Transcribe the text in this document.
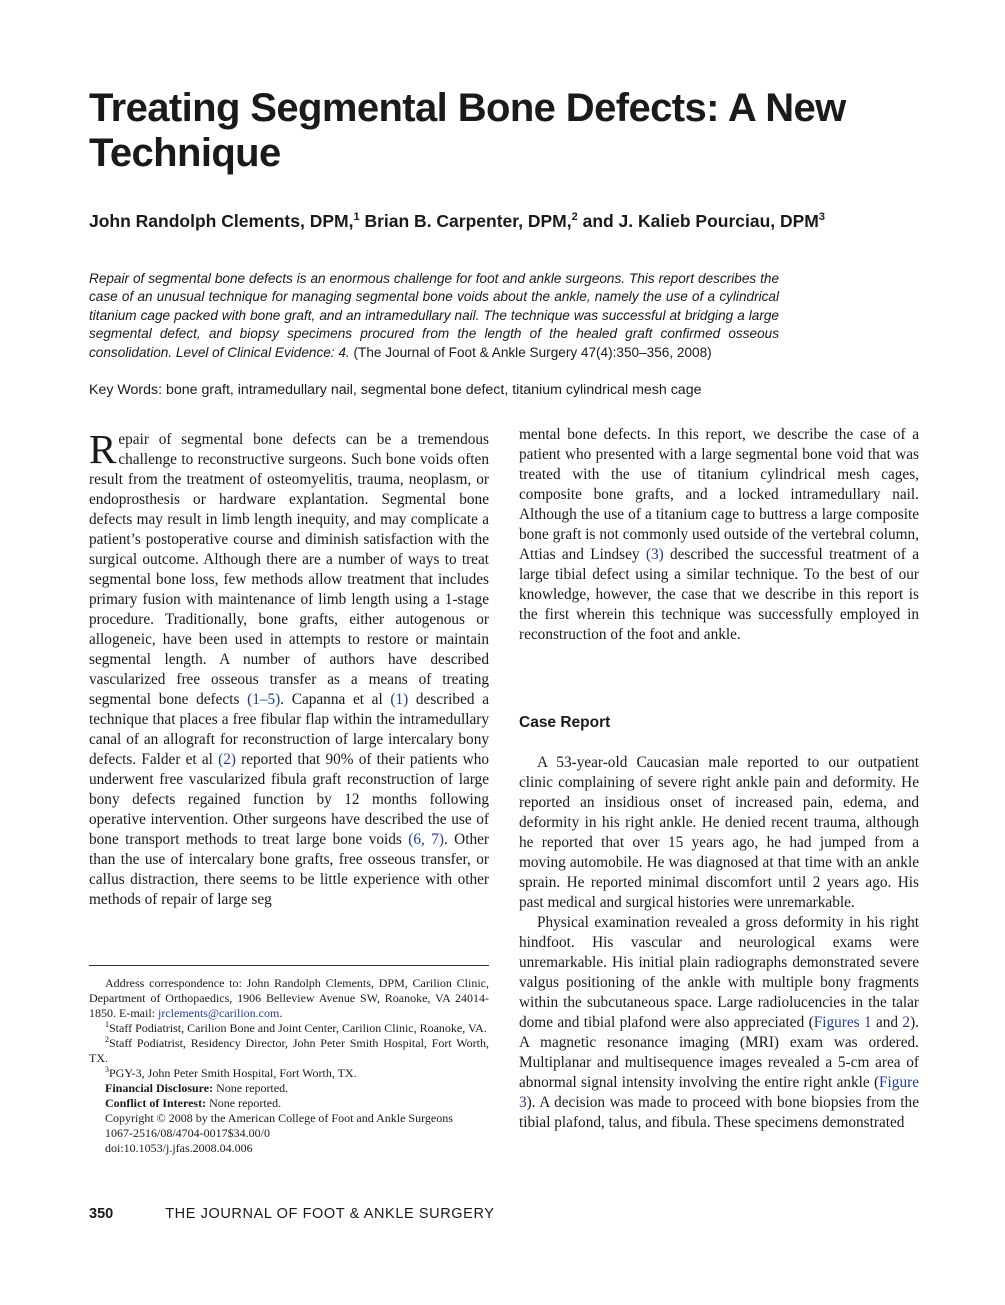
Treating Segmental Bone Defects: A New Technique
John Randolph Clements, DPM,$^1$ Brian B. Carpenter, DPM,$^2$ and J. Kalieb Pourciau, DPM$^3$

Repair of segmental bone defects is an enormous challenge for foot and ankle surgeons. This report describes the case of an unusual technique for managing segmental bone voids about the ankle, namely the use of a cylindrical titanium cage packed with bone graft, and an intramedullary nail. The technique was successful at bridging a large segmental defect, and biopsy specimens procured from the length of the healed graft confirmed osseous consolidation. Level of Clinical Evidence: 4. (The Journal of Foot & Ankle Surgery 47(4):350–356, 2008)

Key Words: bone graft, intramedullary nail, segmental bone defect, titanium cylindrical mesh cage

Repair of segmental bone defects can be a tremendous challenge to reconstructive surgeons. Such bone voids often result from the treatment of osteomyelitis, trauma, neoplasm, or endoprosthesis or hardware explantation. Segmental bone defects may result in limb length inequity, and may complicate a patient’s postoperative course and diminish satisfaction with the surgical outcome. Although there are a number of ways to treat segmental bone loss, few methods allow treatment that includes primary fusion with maintenance of limb length using a 1-stage procedure. Traditionally, bone grafts, either autogenous or allogeneic, have been used in attempts to restore or maintain segmental length. A number of authors have described vascularized free osseous transfer as a means of treating segmental bone defects (1–5). Capanna et al (1) described a technique that places a free fibular flap within the intramedullary canal of an allograft for reconstruction of large intercalary bony defects. Falder et al (2) reported that 90% of their patients who underwent free vascularized fibula graft reconstruction of large bony defects regained function by 12 months following operative intervention. Other surgeons have described the use of bone transport methods to treat large bone voids (6, 7). Other than the use of intercalary bone grafts, free osseous transfer, or callus distraction, there seems to be little experience with other methods of repair of large seg

mental bone defects. In this report, we describe the case of a patient who presented with a large segmental bone void that was treated with the use of titanium cylindrical mesh cages, composite bone grafts, and a locked intramedullary nail. Although the use of a titanium cage to buttress a large composite bone graft is not commonly used outside of the vertebral column, Attias and Lindsey (3) described the successful treatment of a large tibial defect using a similar technique. To the best of our knowledge, however, the case that we describe in this report is the first wherein this technique was successfully employed in reconstruction of the foot and ankle.

Case Report

A 53-year-old Caucasian male reported to our outpatient clinic complaining of severe right ankle pain and deformity. He reported an insidious onset of increased pain, edema, and deformity in his right ankle. He denied recent trauma, although he reported that over 15 years ago, he had jumped from a moving automobile. He was diagnosed at that time with an ankle sprain. He reported minimal discomfort until 2 years ago. His past medical and surgical histories were unremarkable.

Physical examination revealed a gross deformity in his right hindfoot. His vascular and neurological exams were unremarkable. His initial plain radiographs demonstrated severe valgus positioning of the ankle with multiple bony fragments within the subcutaneous space. Large radiolucencies in the talar dome and tibial plafond were also appreciated (Figures 1 and 2). A magnetic resonance imaging (MRI) exam was ordered. Multiplanar and multisequence images revealed a 5-cm area of abnormal signal intensity involving the entire right ankle (Figure 3). A decision was made to proceed with bone biopsies from the tibial plafond, talus, and fibula. These specimens demonstrated

Address correspondence to: John Randolph Clements, DPM, Carilion Clinic, Department of Orthopaedics, 1906 Belleview Avenue SW, Roanoke, VA 24014-1850. E-mail: jrclements@carilion.com.

$^1$Staff Podiatrist, Carilion Bone and Joint Center, Carilion Clinic, Roanoke, VA.

$^2$Staff Podiatrist, Residency Director, John Peter Smith Hospital, Fort Worth, TX.

$^3$PGY-3, John Peter Smith Hospital, Fort Worth, TX.

Financial Disclosure: None reported.

Conflict of Interest: None reported.

Copyright © 2008 by the American College of Foot and Ankle Surgeons

1067-2516/08/4704-0017$34.00/0

doi:10.1053/j.jfas.2008.04.006

350	THE JOURNAL OF FOOT & ANKLE SURGERY
